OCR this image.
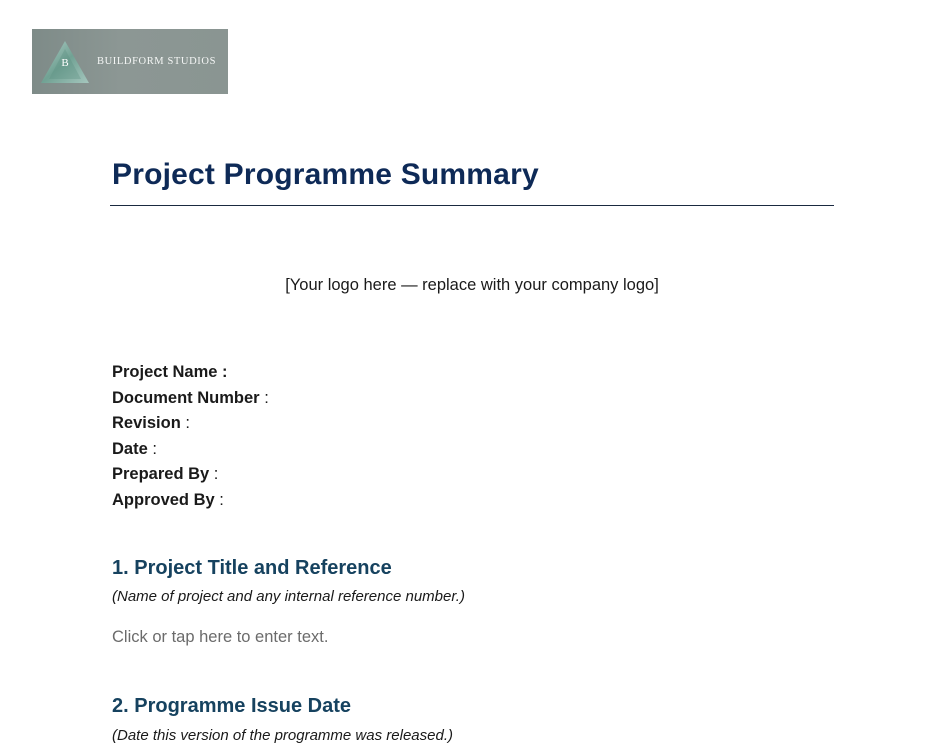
B	BUILDFORM STUDIOS
Project Programme Summary
[Your logo here — replace with your company logo]
Project Name :
Document Number :
Revision :
Date :
Prepared By :
Approved By :
1. Project Title and Reference
(Name of project and any internal reference number.)
Click or tap here to enter text.
2. Programme Issue Date
(Date this version of the programme was released.)
